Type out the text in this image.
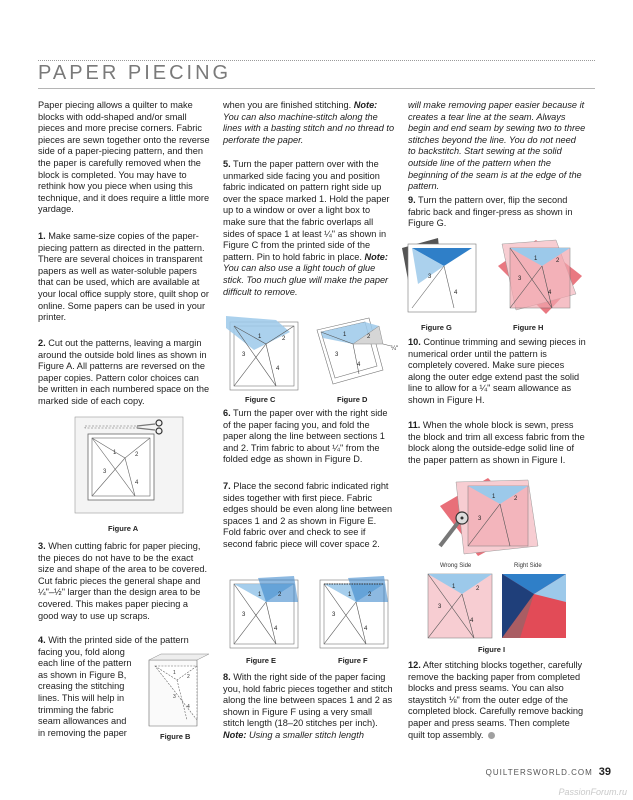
PAPER PIECING

Paper piecing allows a quilter to make blocks with odd-shaped and/or small pieces and more precise corners. Fabric pieces are sewn together onto the reverse side of a paper-piecing pattern, and then the paper is carefully removed when the block is completed. You may have to rethink how you piece when using this technique, and it does require a little more yardage.

1. Make same-size copies of the paper-piecing pattern as directed in the pattern. There are several choices in transparent papers as well as water-soluble papers that can be used, which are available at your local office supply store, quilt shop or online. Some papers can be used in your printer.

2. Cut out the patterns, leaving a margin around the outside bold lines as shown in Figure A. All patterns are reversed on the paper copies. Pattern color choices can be written in each numbered space on the marked side of each copy.

1	2
3
4
Figure A

3. When cutting fabric for paper piecing, the pieces do not have to be the exact size and shape of the area to be covered. Cut fabric pieces the general shape and ¼"–½" larger than the design area to be covered. This makes paper piecing a good way to use up scraps.

4. With the printed side of the pattern

facing you, fold along

each line of the pattern

as shown in Figure B,

creasing the stitching

lines. This will help in

trimming the fabric

seam allowances and

in removing the paper

1
2
3
4
Figure B

when you are finished stitching. Note: You can also machine-stitch along the lines with a basting stitch and no thread to perforate the paper.

5. Turn the paper pattern over with the unmarked side facing you and position fabric indicated on pattern right side up over the space marked 1. Hold the paper up to a window or over a light box to make sure that the fabric overlaps all sides of space 1 at least ¼" as shown in Figure C from the printed side of the pattern. Pin to hold fabric in place. Note: You can also use a light touch of glue stick. Too much glue will make the paper difficult to remove.

1	2
3
4
Figure C
1	2
3
4
¼"
Figure D

6. Turn the paper over with the right side of the paper facing you, and fold the paper along the line between sections 1 and 2. Trim fabric to about ¼" from the folded edge as shown in Figure D.

7. Place the second fabric indicated right sides together with first piece. Fabric edges should be even along line between spaces 1 and 2 as shown in Figure E. Fold fabric over and check to see if second fabric piece will cover space 2.

1	2
3
4
Figure E
1	2
3
4
Figure F

8. With the right side of the paper facing you, hold fabric pieces together and stitch along the line between spaces 1 and 2 as shown in Figure F using a very small stitch length (18–20 stitches per inch). Note: Using a smaller stitch length

will make removing paper easier because it creates a tear line at the seam. Always begin and end seam by sewing two to three stitches beyond the line. You do not need to backstitch. Start sewing at the solid outside line of the pattern when the beginning of the seam is at the edge of the pattern.

9. Turn the pattern over, flip the second fabric back and finger-press as shown in Figure G.

3
4
Figure G
1	2
3
4
Figure H

10. Continue trimming and sewing pieces in numerical order until the pattern is completely covered. Make sure pieces along the outer edge extend past the solid line to allow for a ¼" seam allowance as shown in Figure H.

11. When the whole block is sewn, press the block and trim all excess fabric from the block along the outside-edge solid line of the paper pattern as shown in Figure I.

1	2
3
Wrong Side	Right Side
1	2
3
4
Figure I

12. After stitching blocks together, carefully remove the backing paper from completed blocks and press seams. You can also staystitch ⅛" from the outer edge of the completed block. Carefully remove backing paper and press seams. Then complete quilt top assembly.

QUILTERSWORLD.COM 39
PassionForum.ru
